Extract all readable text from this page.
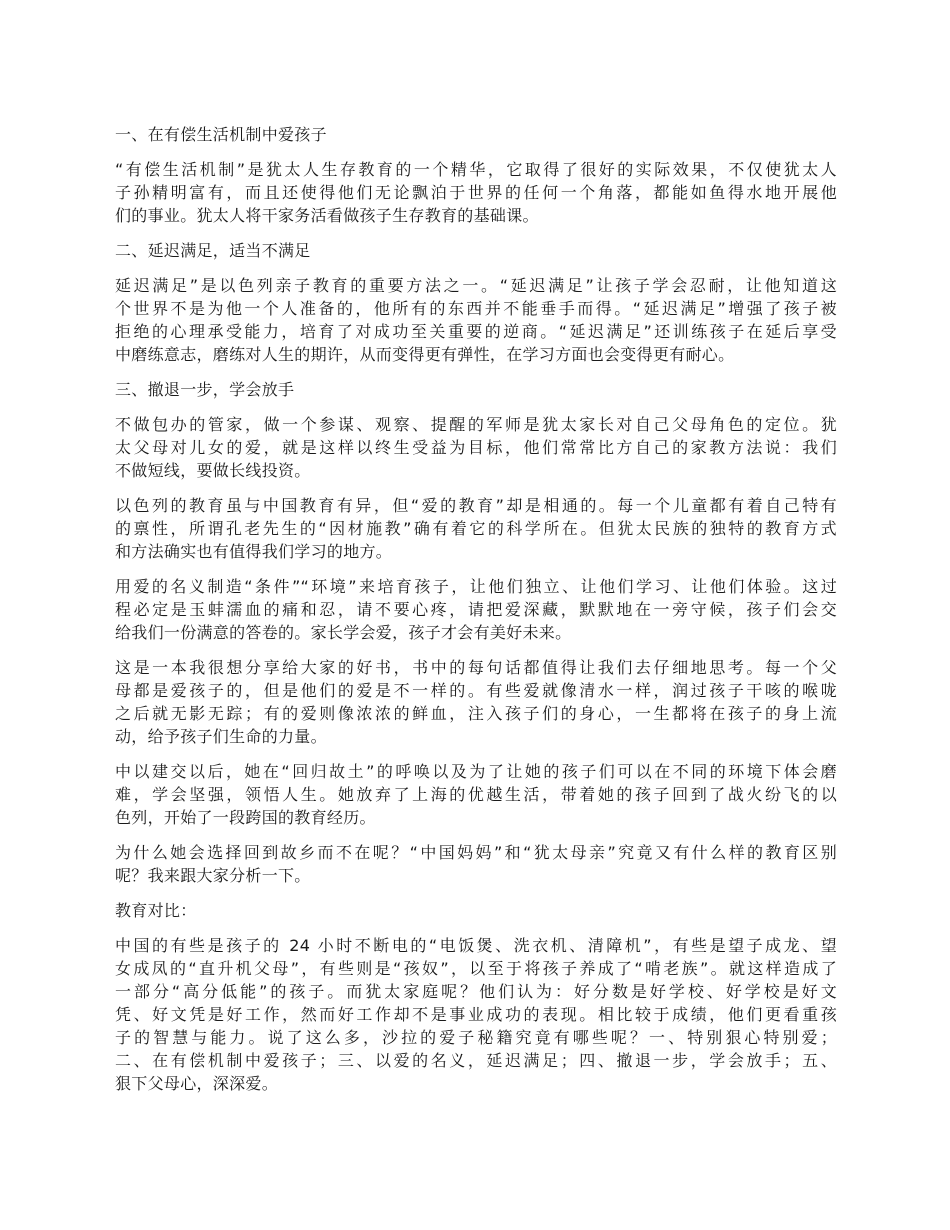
一、在有偿生活机制中爱孩子
“有偿生活机制”是犹太人生存教育的一个精华，它取得了很好的实际效果，不仅使犹太人
子孙精明富有，而且还使得他们无论飘泊于世界的任何一个角落，都能如鱼得水地开展他
们的事业。犹太人将干家务活看做孩子生存教育的基础课。
二、延迟满足，适当不满足
延迟满足”是以色列亲子教育的重要方法之一。“延迟满足”让孩子学会忍耐，让他知道这
个世界不是为他一个人准备的，他所有的东西并不能垂手而得。“延迟满足”增强了孩子被
拒绝的心理承受能力，培育了对成功至关重要的逆商。“延迟满足”还训练孩子在延后享受
中磨练意志，磨练对人生的期许，从而变得更有弹性，在学习方面也会变得更有耐心。
三、撤退一步，学会放手
不做包办的管家，做一个参谋、观察、提醒的军师是犹太家长对自己父母角色的定位。犹
太父母对儿女的爱，就是这样以终生受益为目标，他们常常比方自己的家教方法说：我们
不做短线，要做长线投资。
以色列的教育虽与中国教育有异，但“爱的教育”却是相通的。每一个儿童都有着自己特有
的禀性，所谓孔老先生的“因材施教”确有着它的科学所在。但犹太民族的独特的教育方式
和方法确实也有值得我们学习的地方。
用爱的名义制造“条件”“环境”来培育孩子，让他们独立、让他们学习、让他们体验。这过
程必定是玉蚌濡血的痛和忍，请不要心疼，请把爱深藏，默默地在一旁守候，孩子们会交
给我们一份满意的答卷的。家长学会爱，孩子才会有美好未来。
这是一本我很想分享给大家的好书，书中的每句话都值得让我们去仔细地思考。每一个父
母都是爱孩子的，但是他们的爱是不一样的。有些爱就像清水一样，润过孩子干咳的喉咙
之后就无影无踪；有的爱则像浓浓的鲜血，注入孩子们的身心，一生都将在孩子的身上流
动，给予孩子们生命的力量。
中以建交以后，她在“回归故土”的呼唤以及为了让她的孩子们可以在不同的环境下体会磨
难，学会坚强，领悟人生。她放弃了上海的优越生活，带着她的孩子回到了战火纷飞的以
色列，开始了一段跨国的教育经历。
为什么她会选择回到故乡而不在呢？“中国妈妈”和“犹太母亲”究竟又有什么样的教育区别
呢？我来跟大家分析一下。
教育对比：
中国的有些是孩子的 24 小时不断电的“电饭煲、洗衣机、清障机”，有些是望子成龙、望
女成凤的“直升机父母”，有些则是“孩奴”，以至于将孩子养成了“啃老族”。就这样造成了
一部分“高分低能”的孩子。而犹太家庭呢？他们认为：好分数是好学校、好学校是好文
凭、好文凭是好工作，然而好工作却不是事业成功的表现。相比较于成绩，他们更看重孩
子的智慧与能力。说了这么多，沙拉的爱子秘籍究竟有哪些呢？一、特别狠心特别爱；
二、在有偿机制中爱孩子；三、以爱的名义，延迟满足；四、撤退一步，学会放手；五、
狠下父母心，深深爱。
